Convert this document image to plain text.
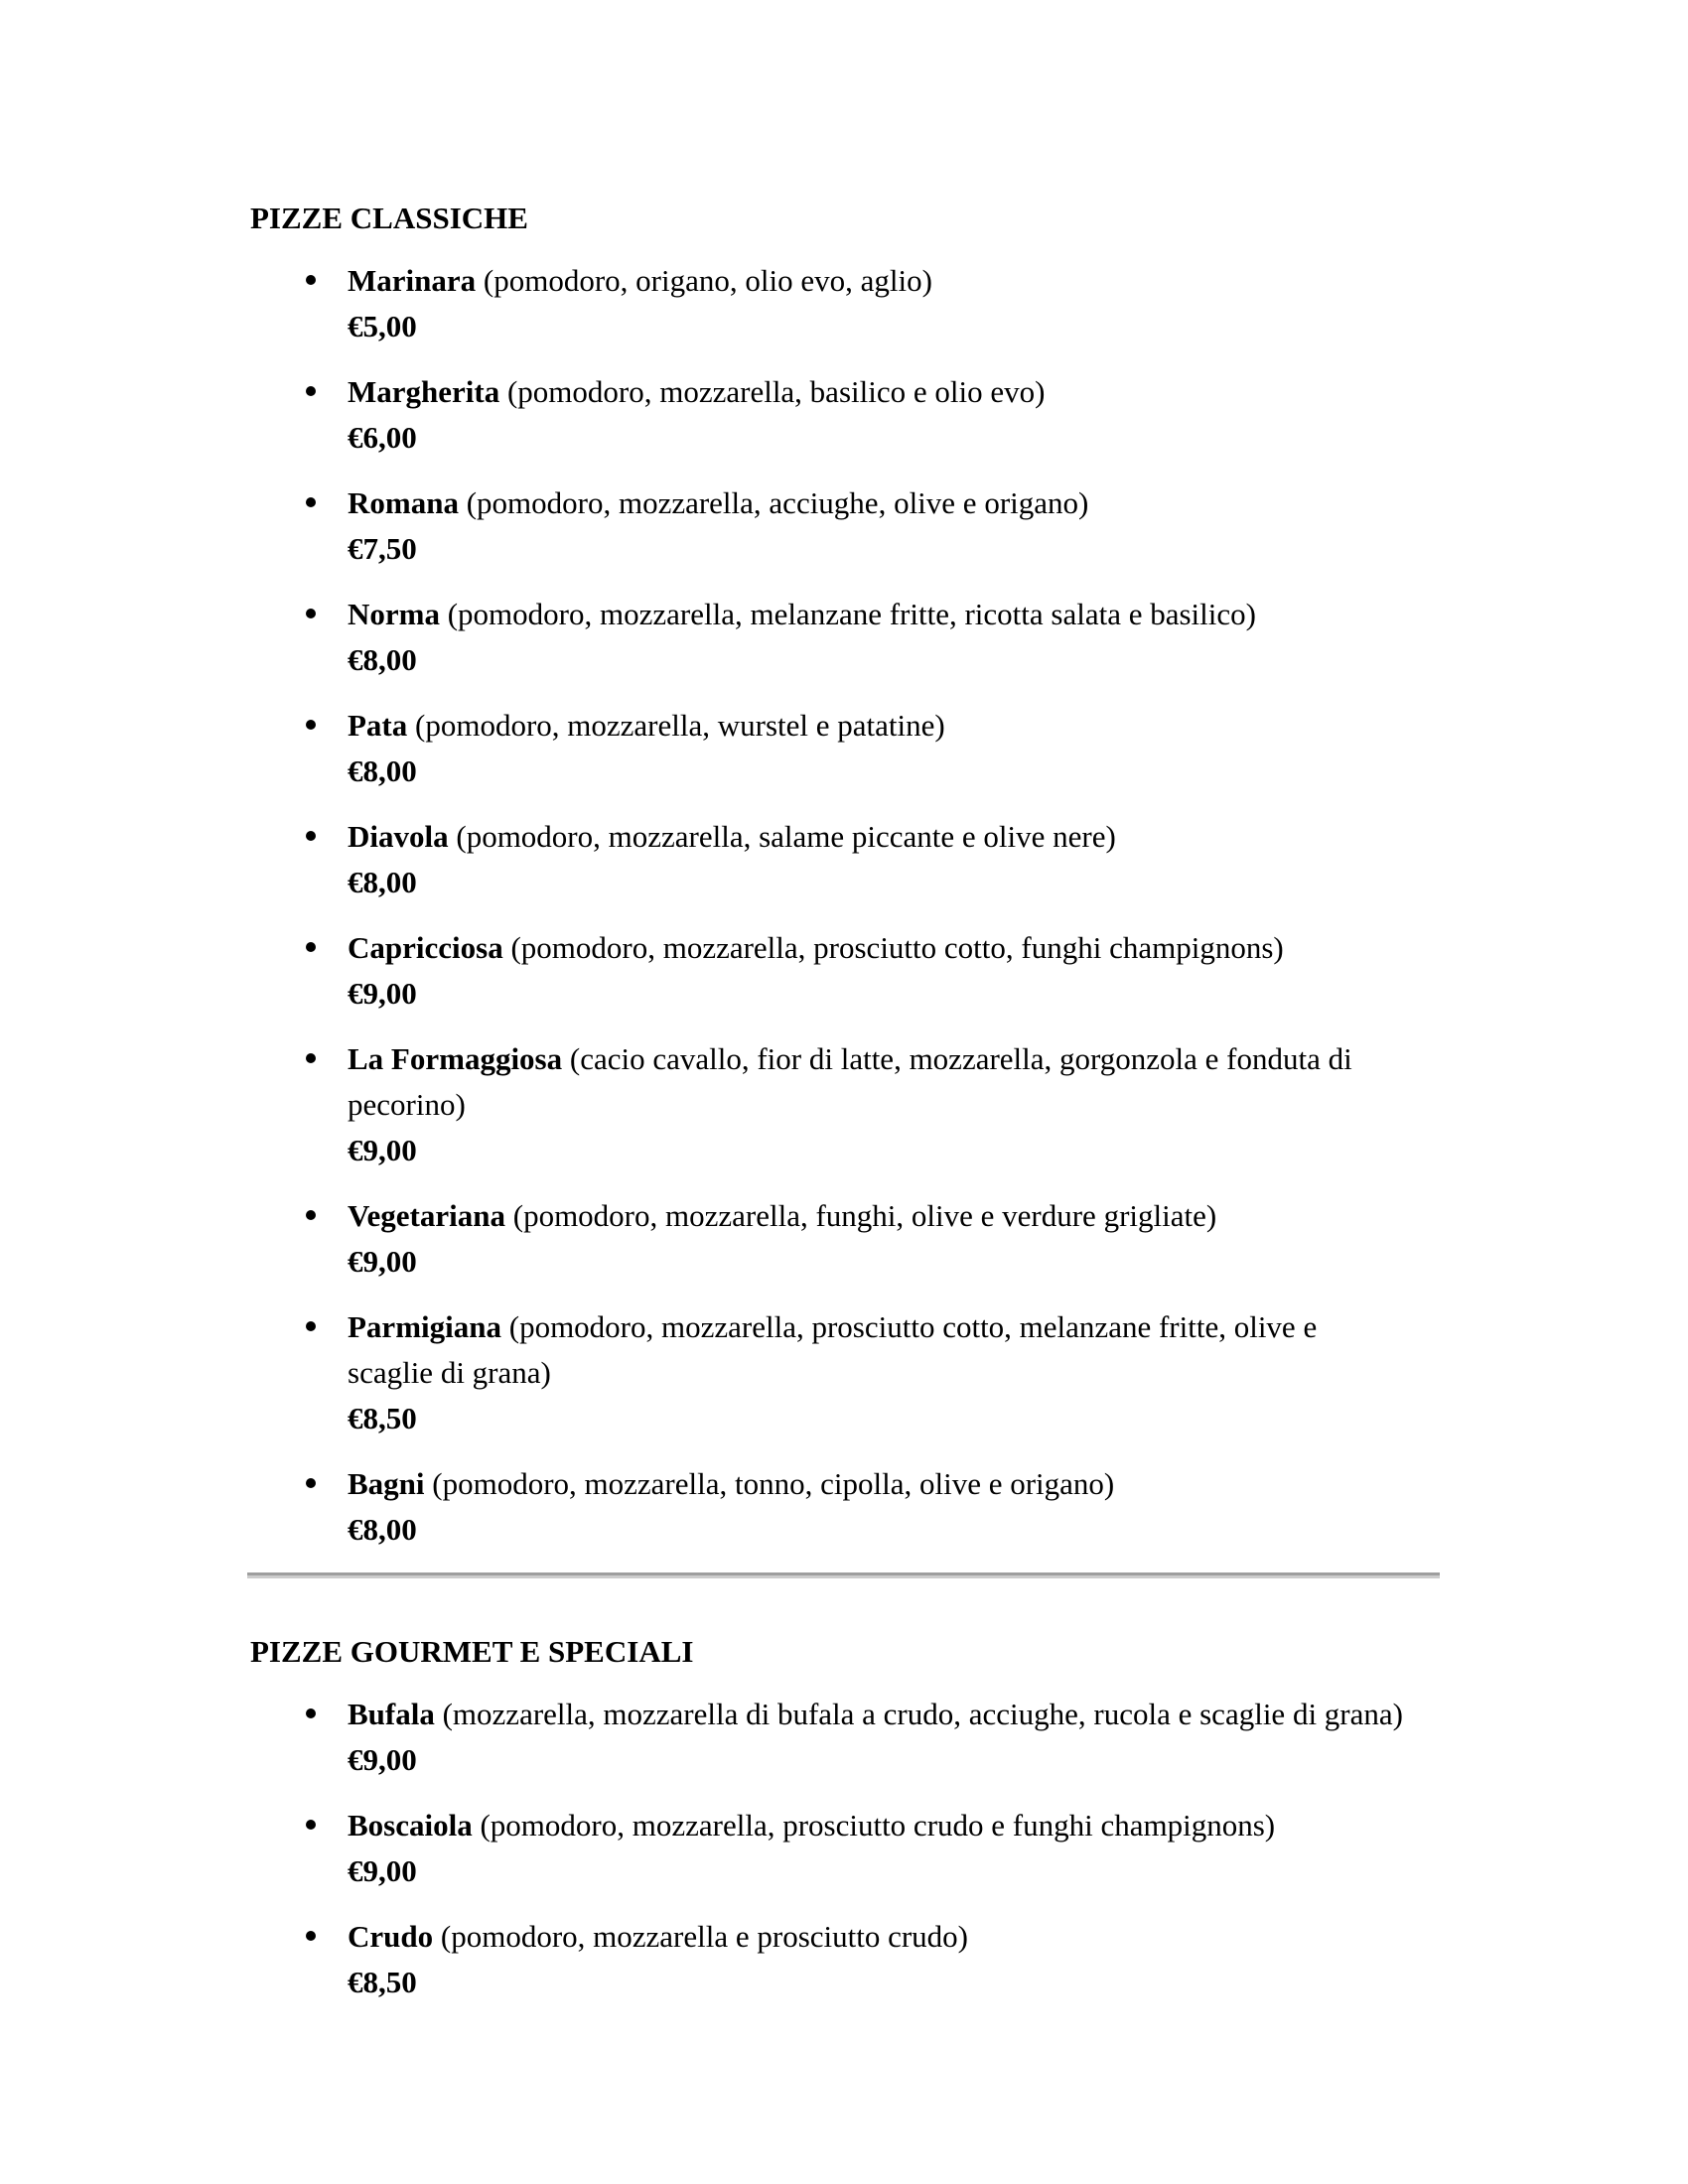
PIZZE CLASSICHE
Marinara (pomodoro, origano, olio evo, aglio)
€5,00
Margherita (pomodoro, mozzarella, basilico e olio evo)
€6,00
Romana (pomodoro, mozzarella, acciughe, olive e origano)
€7,50
Norma (pomodoro, mozzarella, melanzane fritte, ricotta salata e basilico)
€8,00
Pata (pomodoro, mozzarella, wurstel e patatine)
€8,00
Diavola (pomodoro, mozzarella, salame piccante e olive nere)
€8,00
Capricciosa (pomodoro, mozzarella, prosciutto cotto, funghi champignons)
€9,00
La Formaggiosa (cacio cavallo, fior di latte, mozzarella, gorgonzola e fonduta di pecorino)
€9,00
Vegetariana (pomodoro, mozzarella, funghi, olive e verdure grigliate)
€9,00
Parmigiana (pomodoro, mozzarella, prosciutto cotto, melanzane fritte, olive e scaglie di grana)
€8,50
Bagni (pomodoro, mozzarella, tonno, cipolla, olive e origano)
€8,00
PIZZE GOURMET E SPECIALI
Bufala (mozzarella, mozzarella di bufala a crudo, acciughe, rucola e scaglie di grana)
€9,00
Boscaiola (pomodoro, mozzarella, prosciutto crudo e funghi champignons)
€9,00
Crudo (pomodoro, mozzarella e prosciutto crudo)
€8,50
